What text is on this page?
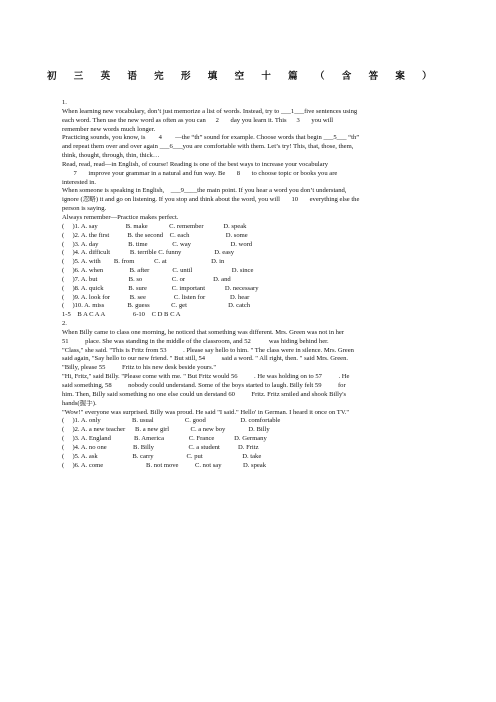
初三英语完形填空十篇（含答案）
1.
When learning new vocabulary, don’t just memorize a list of words. Instead, try to ___1___five sentences using
each word. Then use the new word as often as you can      2       day you learn it. This      3       you will
remember new words much longer.
Practicing sounds, you know, is        4        —the “th” sound for example. Choose words that begin ___5___ “th”
and repeat them over and over again ___6___you are comfortable with them. Let’s try! This, that, those, them,
think, thought, through, thin, thick…
Read, read, read—in English, of course! Reading is one of the best ways to increase your vocabulary
7       improve your grammar in a natural and fun way. Be       8       to choose topic or books you are
interested in.
When someone is speaking in English,    ___9____the main point. If you hear a word you don’t understand,
ignore (忽略) it and go on listening. If you stop and think about the word, you will       10       everything else the
person is saying.
Always remember—Practice makes perfect.
(     )1. A. say                 B. make             C. remember            D. speak
(     )2. A. the first           B. the second    C. each                      D. some
(     )3. A. day                  B. time               C. way                        D. word
(     )4. A. difficult            B. terrible C. funny                    D. easy
(     )5. A. with        B. from            C. at                           D. in
(     )6. A. when                B. after              C. until                        D. since
(     )7. A. but                   B. so                  C. or                 D. and
(     )8. A. quick               B. sure               C. important            D. necessary
(     )9. A. look for            B. see                 C. listen for               D. hear
(     )10. A. miss              B. guess             C. get                         D. catch
1-5    B A C A A                 6-10    C D B C A
2.
When Billy came to class one morning, he noticed that something was different. Mrs. Green was not in her
51          place. She was standing in the middle of the classroom, and 52           was hiding behind her.
"Class," she said. "This is Fritz from 53          . Please say hello to him. " The class were in silence. Mrs. Green
said again, "Say hello to our new friend. " But still, 54          said a word. " All right, then. " said Mrs. Green.
"Billy, please 55          Fritz to his new desk beside yours."
"Hi, Fritz," said Billy. "Please come with me. " But Fritz would 56          . He was holding on to 57          . He
said something, 58          nobody could understand. Some of the boys started to laugh. Billy felt 59          for
him. Then, Billy said something no one else could un derstand 60          Fritz. Fritz smiled and shook Billy's
hands(握手).
"Wow!" everyone was surprised. Billy was proud. He said "I said." Hello' in German. I heard it once on TV."
(     )1. A. only                   B. usual                   C. good                     D. comfortable
(     )2. A. a new teacher      B. a new girl             C. a new boy              D. Billy
(     )3. A. England              B. America               C. France            D. Germany
(     )4. A. no one                B. Billy                     C. a student           D. Fritz
(     )5. A. ask                     B. carry                    C. put                        D. take
(     )6. A. come                          B. not move          C. not say             D. speak
